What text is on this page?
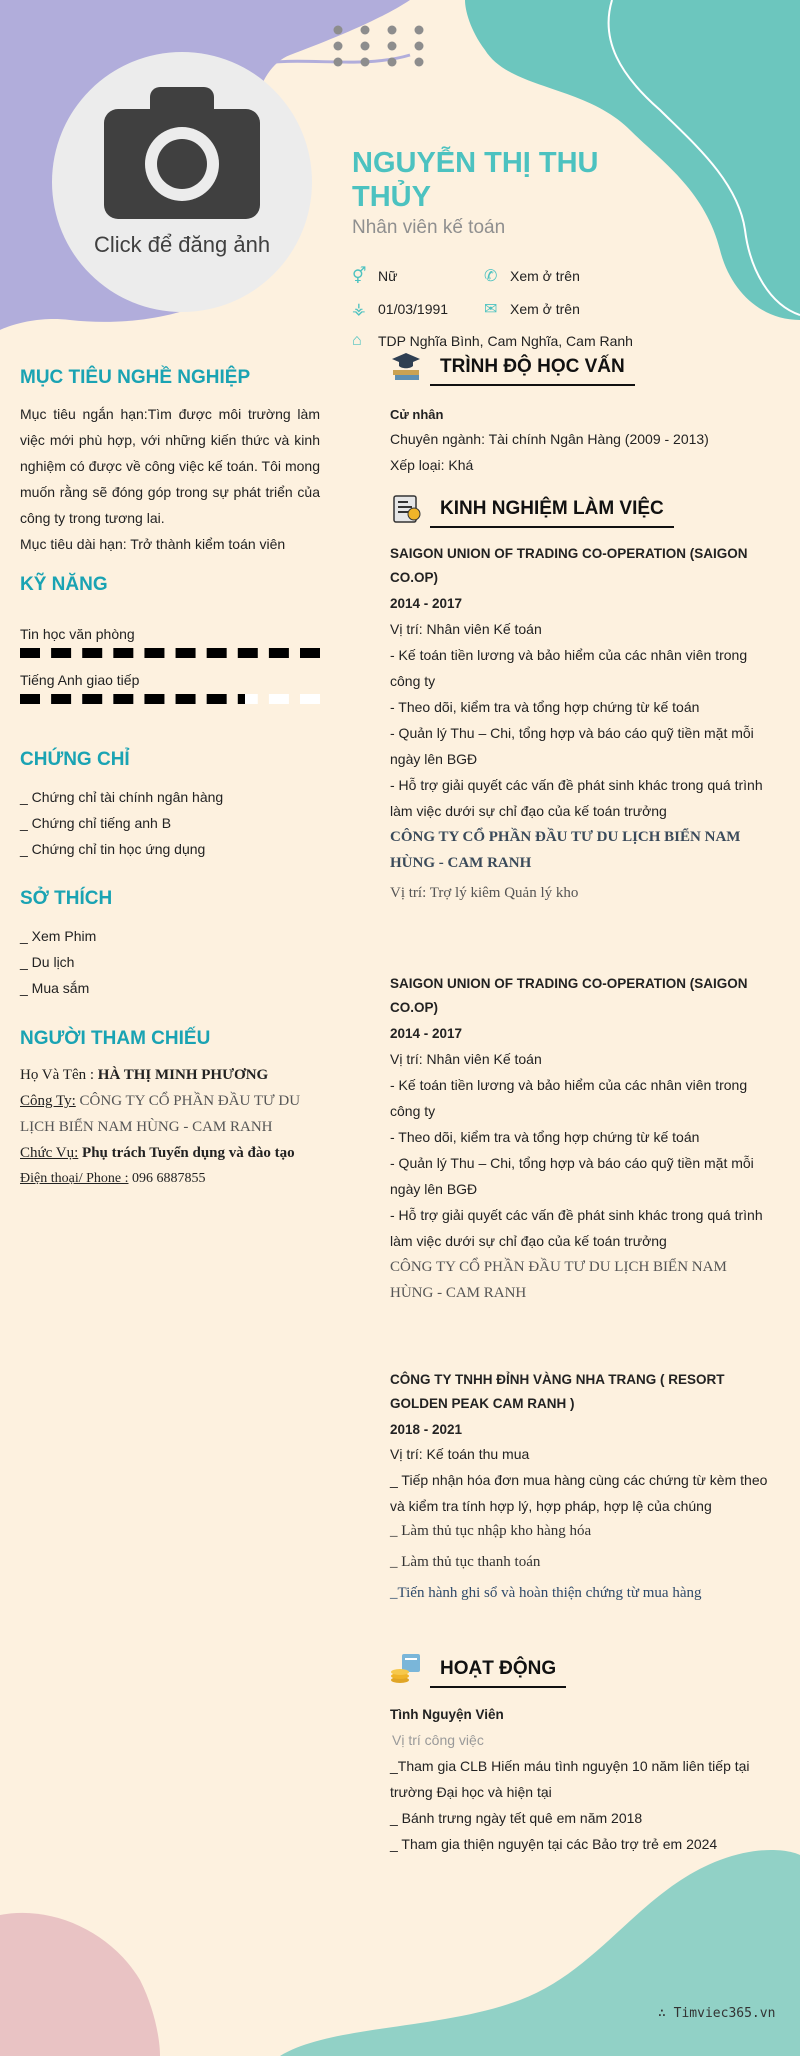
Click để đăng ảnh
NGUYỄN THỊ THU THỦY
Nhân viên kế toán
⚥ Nữ	✆ Xem ở trên
⚶ 01/03/1991 ✉ Xem ở trên
⌂	TDP Nghĩa Bình, Cam Nghĩa, Cam Ranh
MỤC TIÊU NGHỀ NGHIỆP
Mục tiêu ngắn hạn:Tìm được môi trường làm việc mới phù hợp, với những kiến thức và kinh nghiệm có được về công việc kế toán. Tôi mong muốn rằng sẽ đóng góp trong sự phát triển của công ty trong tương lai.
Mục tiêu dài hạn: Trở thành kiểm toán viên
KỸ NĂNG
Tin học văn phòng
Tiếng Anh giao tiếp
CHỨNG CHỈ
_ Chứng chỉ tài chính ngân hàng
_ Chứng chỉ tiếng anh B
_ Chứng chỉ tin học ứng dụng
SỞ THÍCH
_ Xem Phim
_ Du lịch
_ Mua sắm
NGƯỜI THAM CHIẾU
Họ Và Tên : HÀ THỊ MINH PHƯƠNG
Công Ty: CÔNG TY CỔ PHẦN ĐẦU TƯ DU LỊCH BIỂN NAM HÙNG - CAM RANH
Chức Vụ: Phụ trách Tuyển dụng và đào tạo
Điện thoại/ Phone : 096 6887855
TRÌNH ĐỘ HỌC VẤN
Cử nhân
Chuyên ngành: Tài chính Ngân Hàng (2009 - 2013)
Xếp loại: Khá
KINH NGHIỆM LÀM VIỆC
SAIGON UNION OF TRADING CO-OPERATION (SAIGON CO.OP)
2014 - 2017
Vị trí: Nhân viên Kế toán
- Kế toán tiền lương và bảo hiểm của các nhân viên trong công ty
- Theo dõi, kiểm tra và tổng hợp chứng từ kế toán
- Quản lý Thu – Chi, tổng hợp và báo cáo quỹ tiền mặt mỗi ngày lên BGĐ
- Hỗ trợ giải quyết các vấn đề phát sinh khác trong quá trình làm việc dưới sự chỉ đạo của kế toán trưởng
CÔNG TY CỔ PHẦN ĐẦU TƯ DU LỊCH BIỂN NAM HÙNG - CAM RANH
Vị trí: Trợ lý kiêm Quản lý kho
SAIGON UNION OF TRADING CO-OPERATION (SAIGON CO.OP)
2014 - 2017
Vị trí: Nhân viên Kế toán
- Kế toán tiền lương và bảo hiểm của các nhân viên trong công ty
- Theo dõi, kiểm tra và tổng hợp chứng từ kế toán
- Quản lý Thu – Chi, tổng hợp và báo cáo quỹ tiền mặt mỗi ngày lên BGĐ
- Hỗ trợ giải quyết các vấn đề phát sinh khác trong quá trình làm việc dưới sự chỉ đạo của kế toán trưởng
CÔNG TY CỔ PHẦN ĐẦU TƯ DU LỊCH BIỂN NAM HÙNG - CAM RANH
CÔNG TY TNHH ĐỈNH VÀNG NHA TRANG ( RESORT GOLDEN PEAK CAM RANH )
2018 - 2021
Vị trí: Kế toán thu mua
_ Tiếp nhận hóa đơn mua hàng cùng các chứng từ kèm theo và kiểm tra tính hợp lý, hợp pháp, hợp lệ của chúng
_ Làm thủ tục nhập kho hàng hóa
_ Làm thủ tục thanh toán
_Tiến hành ghi sổ và hoàn thiện chứng từ mua hàng
HOẠT ĐỘNG
Tình Nguyện Viên
Vị trí công việc
_Tham gia CLB Hiến máu tình nguyện 10 năm liên tiếp tại trường Đại học và hiện tại
_ Bánh trưng ngày tết quê em năm 2018
_ Tham gia thiện nguyện tại các Bảo trợ trẻ em 2024
∴ Timviec365.vn
